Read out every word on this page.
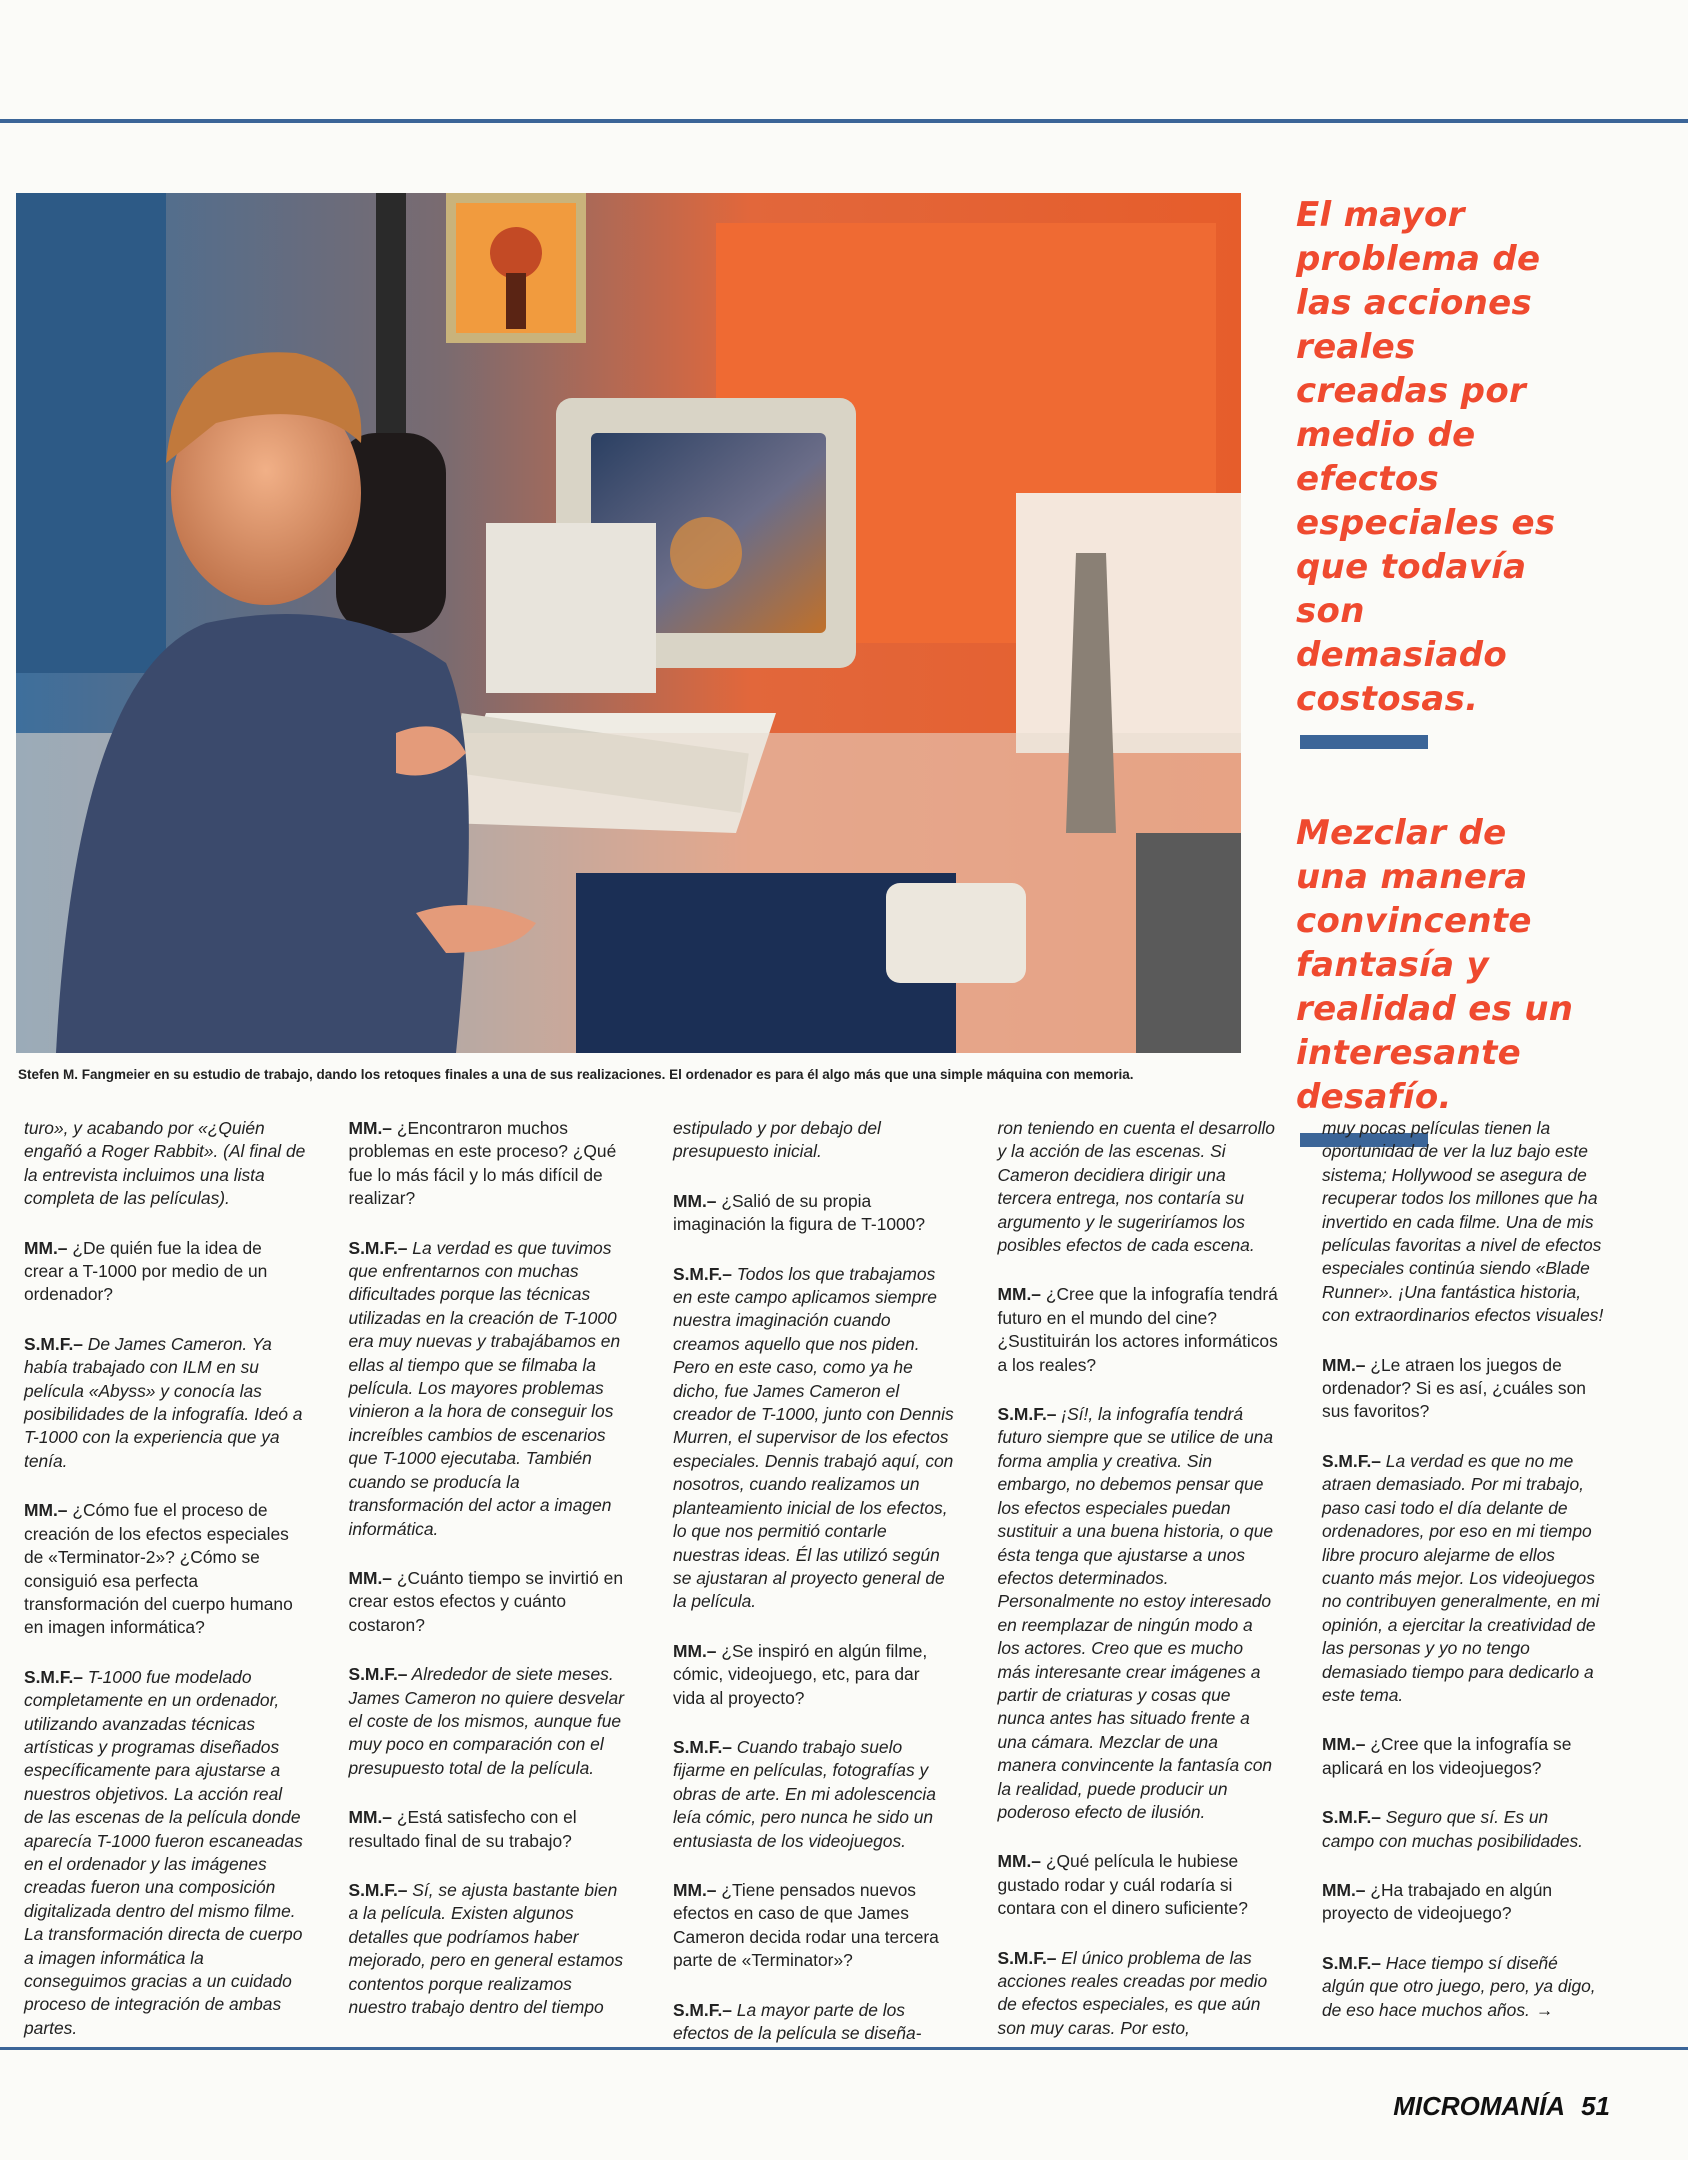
Stefen M. Fangmeier en su estudio de trabajo, dando los retoques finales a una de sus realizaciones. El ordenador es para él algo más que una simple máquina con memoria.
El mayor problema de las acciones reales creadas por medio de efectos especiales es que todavía son demasiado costosas.
Mezclar de una manera convincente fantasía y realidad es un interesante desafío.

turo», y acabando por «¿Quién engañó a Roger Rabbit». (Al final de la entrevista incluimos una lista completa de las películas).

MM.– ¿De quién fue la idea de crear a T-1000 por medio de un ordenador?

S.M.F.– De James Cameron. Ya había trabajado con ILM en su película «Abyss» y conocía las posibilidades de la infografía. Ideó a T-1000 con la experiencia que ya tenía.

MM.– ¿Cómo fue el proceso de creación de los efectos especiales de «Terminator-2»? ¿Cómo se consiguió esa perfecta transformación del cuerpo humano en imagen informática?

S.M.F.– T-1000 fue modelado completamente en un ordenador, utilizando avanzadas técnicas artísticas y programas diseñados específicamente para ajustarse a nuestros objetivos. La acción real de las escenas de la película donde aparecía T-1000 fueron escaneadas en el ordenador y las imágenes creadas fueron una composición digitalizada dentro del mismo filme. La transformación directa de cuerpo a imagen informática la conseguimos gracias a un cuidado proceso de integración de ambas partes.

MM.– ¿Encontraron muchos problemas en este proceso? ¿Qué fue lo más fácil y lo más difícil de realizar?

S.M.F.– La verdad es que tuvimos que enfrentarnos con muchas dificultades porque las técnicas utilizadas en la creación de T-1000 era muy nuevas y trabajábamos en ellas al tiempo que se filmaba la película. Los mayores problemas vinieron a la hora de conseguir los increíbles cambios de escenarios que T-1000 ejecutaba. También cuando se producía la transformación del actor a imagen informática.

MM.– ¿Cuánto tiempo se invirtió en crear estos efectos y cuánto costaron?

S.M.F.– Alrededor de siete meses. James Cameron no quiere desvelar el coste de los mismos, aunque fue muy poco en comparación con el presupuesto total de la película.

MM.– ¿Está satisfecho con el resultado final de su trabajo?

S.M.F.– Sí, se ajusta bastante bien a la película. Existen algunos detalles que podríamos haber mejorado, pero en general estamos contentos porque realizamos nuestro trabajo dentro del tiempo

estipulado y por debajo del presupuesto inicial.

MM.– ¿Salió de su propia imaginación la figura de T-1000?

S.M.F.– Todos los que trabajamos en este campo aplicamos siempre nuestra imaginación cuando creamos aquello que nos piden. Pero en este caso, como ya he dicho, fue James Cameron el creador de T-1000, junto con Dennis Murren, el supervisor de los efectos especiales. Dennis trabajó aquí, con nosotros, cuando realizamos un planteamiento inicial de los efectos, lo que nos permitió contarle nuestras ideas. Él las utilizó según se ajustaran al proyecto general de la película.

MM.– ¿Se inspiró en algún filme, cómic, videojuego, etc, para dar vida al proyecto?

S.M.F.– Cuando trabajo suelo fijarme en películas, fotografías y obras de arte. En mi adolescencia leía cómic, pero nunca he sido un entusiasta de los videojuegos.

MM.– ¿Tiene pensados nuevos efectos en caso de que James Cameron decida rodar una tercera parte de «Terminator»?

S.M.F.– La mayor parte de los efectos de la película se diseña-

ron teniendo en cuenta el desarrollo y la acción de las escenas. Si Cameron decidiera dirigir una tercera entrega, nos contaría su argumento y le sugeriríamos los posibles efectos de cada escena.

MM.– ¿Cree que la infografía tendrá futuro en el mundo del cine? ¿Sustituirán los actores informáticos a los reales?

S.M.F.– ¡Sí!, la infografía tendrá futuro siempre que se utilice de una forma amplia y creativa. Sin embargo, no debemos pensar que los efectos especiales puedan sustituir a una buena historia, o que ésta tenga que ajustarse a unos efectos determinados. Personalmente no estoy interesado en reemplazar de ningún modo a los actores. Creo que es mucho más interesante crear imágenes a partir de criaturas y cosas que nunca antes has situado frente a una cámara. Mezclar de una manera convincente la fantasía con la realidad, puede producir un poderoso efecto de ilusión.

MM.– ¿Qué película le hubiese gustado rodar y cuál rodaría si contara con el dinero suficiente?

S.M.F.– El único problema de las acciones reales creadas por medio de efectos especiales, es que aún son muy caras. Por esto,

muy pocas películas tienen la oportunidad de ver la luz bajo este sistema; Hollywood se asegura de recuperar todos los millones que ha invertido en cada filme. Una de mis películas favoritas a nivel de efectos especiales continúa siendo «Blade Runner». ¡Una fantástica historia, con extraordinarios efectos visuales!

MM.– ¿Le atraen los juegos de ordenador? Si es así, ¿cuáles son sus favoritos?

S.M.F.– La verdad es que no me atraen demasiado. Por mi trabajo, paso casi todo el día delante de ordenadores, por eso en mi tiempo libre procuro alejarme de ellos cuanto más mejor. Los videojuegos no contribuyen generalmente, en mi opinión, a ejercitar la creatividad de las personas y yo no tengo demasiado tiempo para dedicarlo a este tema.

MM.– ¿Cree que la infografía se aplicará en los videojuegos?

S.M.F.– Seguro que sí. Es un campo con muchas posibilidades.

MM.– ¿Ha trabajado en algún proyecto de videojuego?

S.M.F.– Hace tiempo sí diseñé algún que otro juego, pero, ya digo, de eso hace muchos años. →

MICROMANÍA 51
